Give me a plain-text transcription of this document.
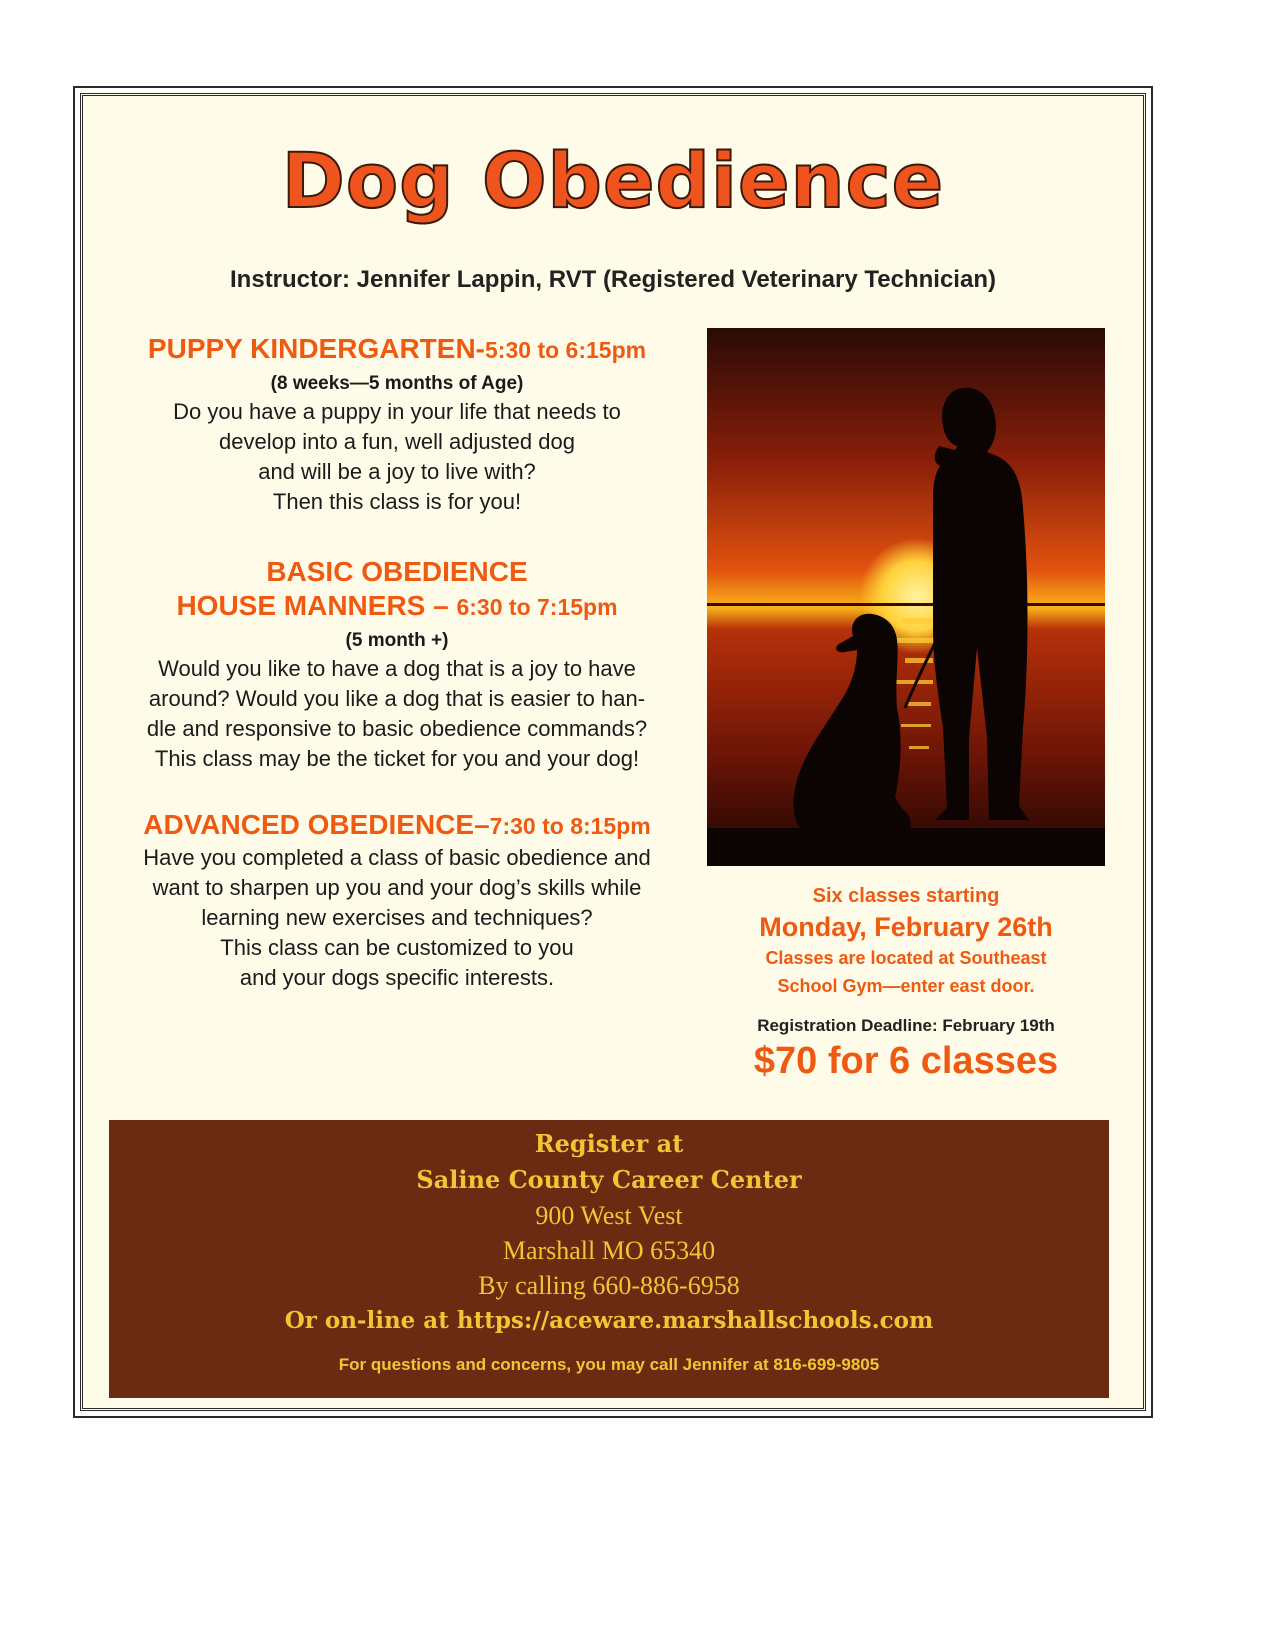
Dog Obedience
Instructor: Jennifer Lappin, RVT (Registered Veterinary Technician)
PUPPY KINDERGARTEN-5:30 to 6:15pm
(8 weeks—5 months of Age)
Do you have a puppy in your life that needs to
develop into a fun, well adjusted dog
and will be a joy to live with?
Then this class is for you!
BASIC OBEDIENCE
HOUSE MANNERS – 6:30 to 7:15pm
(5 month +)
Would you like to have a dog that is a joy to have
around? Would you like a dog that is easier to han-
dle and responsive to basic obedience commands?
This class may be the ticket for you and your dog!
ADVANCED OBEDIENCE–7:30 to 8:15pm
Have you completed a class of basic obedience and
want to sharpen up you and your dog’s skills while
learning new exercises and techniques?
This class can be customized to you
and your dogs specific interests.
Six classes starting
Monday, February 26th
Classes are located at Southeast
School Gym—enter east door.
Registration Deadline: February 19th
$70 for 6 classes
Register at
Saline County Career Center
900 West Vest
Marshall MO 65340
By calling 660-886-6958
Or on-line at https://aceware.marshallschools.com
For questions and concerns, you may call Jennifer at 816-699-9805
